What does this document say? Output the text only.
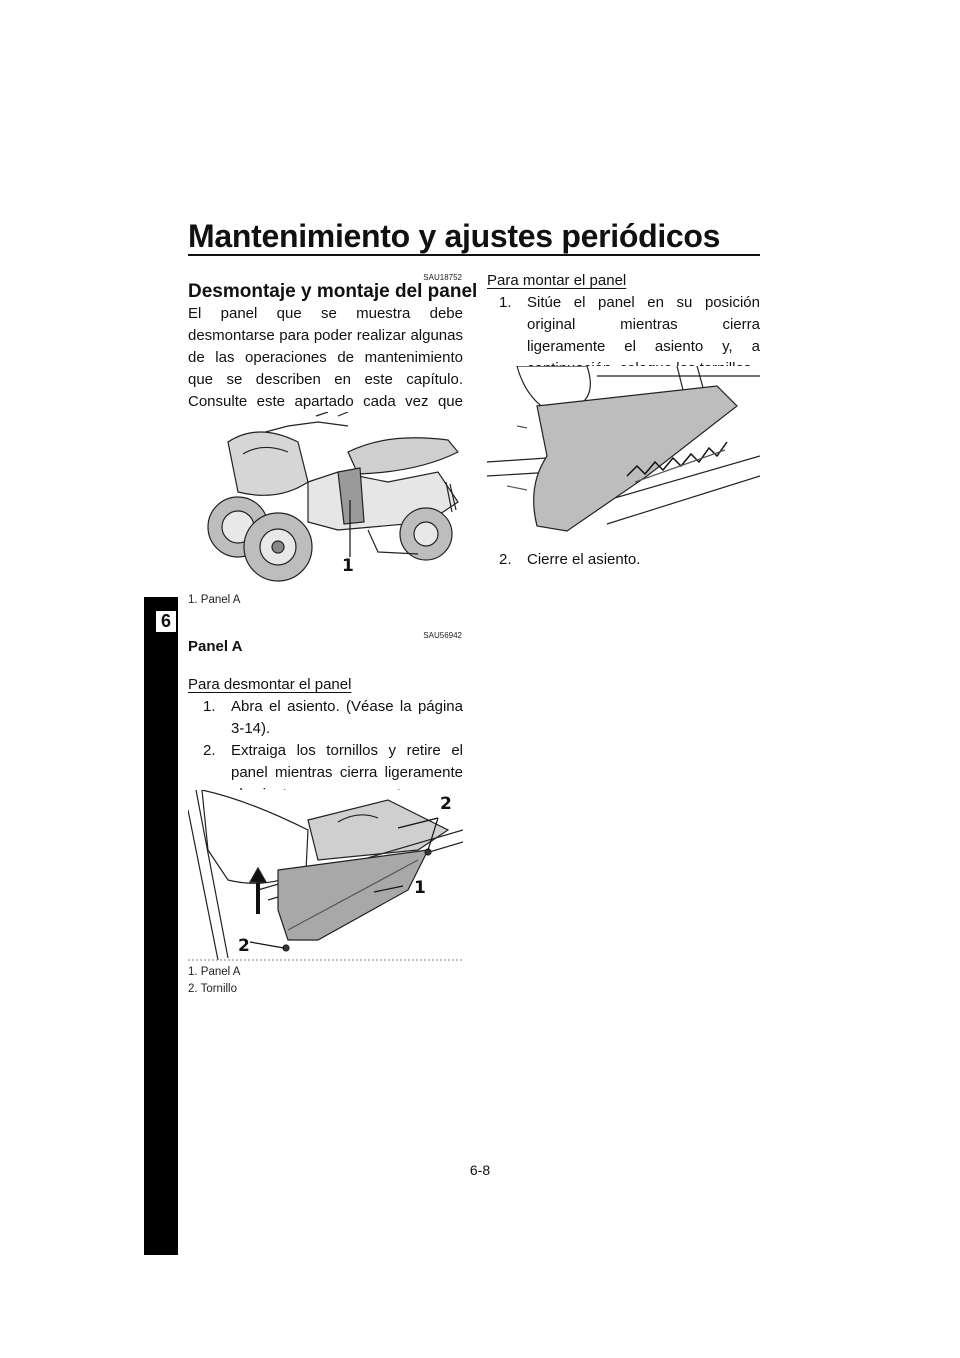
Mantenimiento y ajustes periódicos
6
SAU18752
Desmontaje y montaje del panel
El panel que se muestra debe desmontarse para poder realizar algunas de las operaciones de mantenimiento que se describen en este capítulo. Consulte este apartado cada vez que
1
1. Panel A
SAU56942
Panel A
Para desmontar el panel
1. Abra el asiento. (Véase la página 3-14).
2. Extraiga los tornillos y retire el panel mientras cierra ligeramente
2
1
2
1. Panel A
2. Tornillo
Para montar el panel
1. Sitúe el panel en su posición original mientras cierra ligeramente el asiento y, a
2. Cierre el asiento.
6-8
